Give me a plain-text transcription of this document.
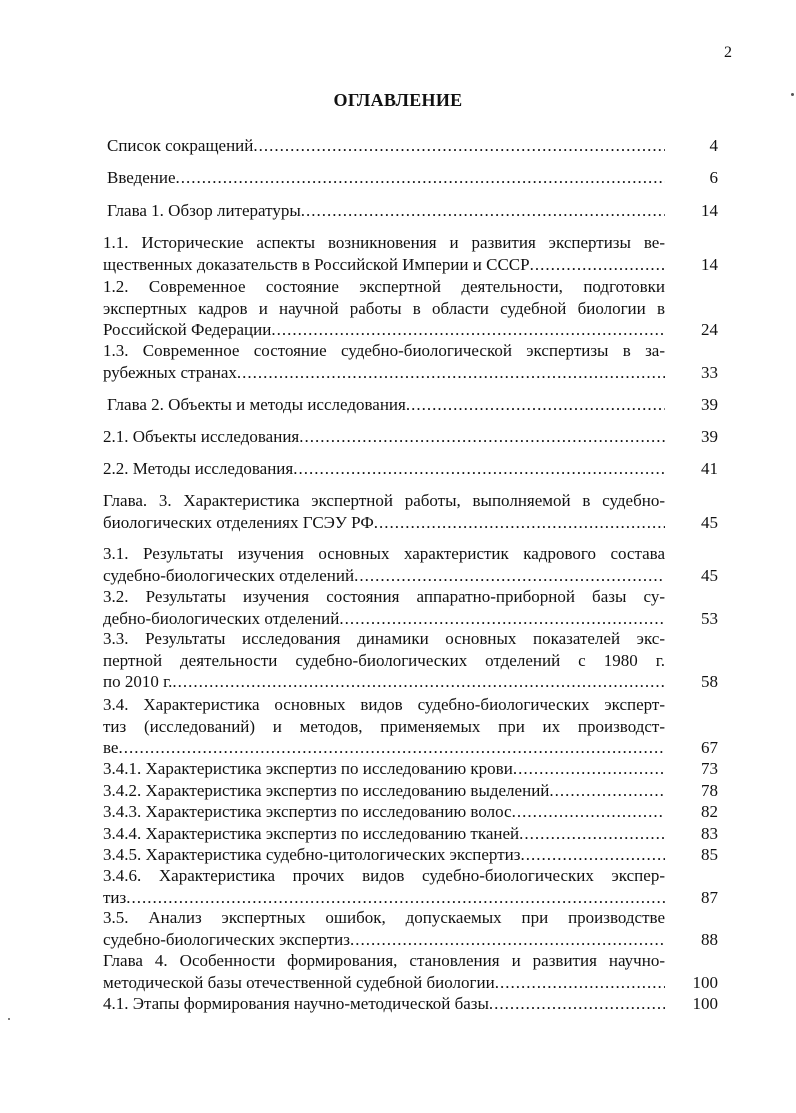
2
ОГЛАВЛЕНИЕ
Список сокращений .....	4
Введение .....	6
Глава 1. Обзор литературы .....	14
1.1. Исторические аспекты возникновения и развития экспертизы ве-
щественных доказательств в Российской Империи и СССР .....	14
1.2. Современное состояние экспертной деятельности, подготовки
экспертных кадров и научной работы в области судебной биологии в
Российской Федерации .....	24
1.3. Современное состояние судебно-биологической экспертизы в за-
рубежных странах .....	33
Глава 2. Объекты и методы исследования .....	39
2.1. Объекты исследования .....	39
2.2. Методы исследования .....	41
Глава. 3. Характеристика экспертной работы, выполняемой в судебно-
биологических отделениях ГСЭУ РФ .....	45
3.1. Результаты изучения основных характеристик кадрового состава
судебно-биологических отделений .....	45
3.2. Результаты изучения состояния аппаратно-приборной базы су-
дебно-биологических отделений .....	53
3.3. Результаты исследования динамики основных показателей экс-
пертной деятельности судебно-биологических отделений с 1980 г.
по 2010 г. .....	58
3.4. Характеристика основных видов судебно-биологических эксперт-
тиз (исследований) и методов, применяемых при их производст-
ве .....	67
3.4.1. Характеристика экспертиз по исследованию крови .....	73
3.4.2. Характеристика экспертиз по исследованию выделений .....	78
3.4.3. Характеристика экспертиз по исследованию волос .....	82
3.4.4. Характеристика экспертиз по исследованию тканей .....	83
3.4.5. Характеристика судебно-цитологических экспертиз .....	85
3.4.6. Характеристика прочих видов судебно-биологических экспер-
тиз .....	87
3.5. Анализ экспертных ошибок, допускаемых при производстве
судебно-биологических экспертиз .....	88
Глава 4. Особенности формирования, становления и развития научно-
методической базы отечественной судебной биологии .....	100
4.1. Этапы формирования научно-методической базы .....	100
